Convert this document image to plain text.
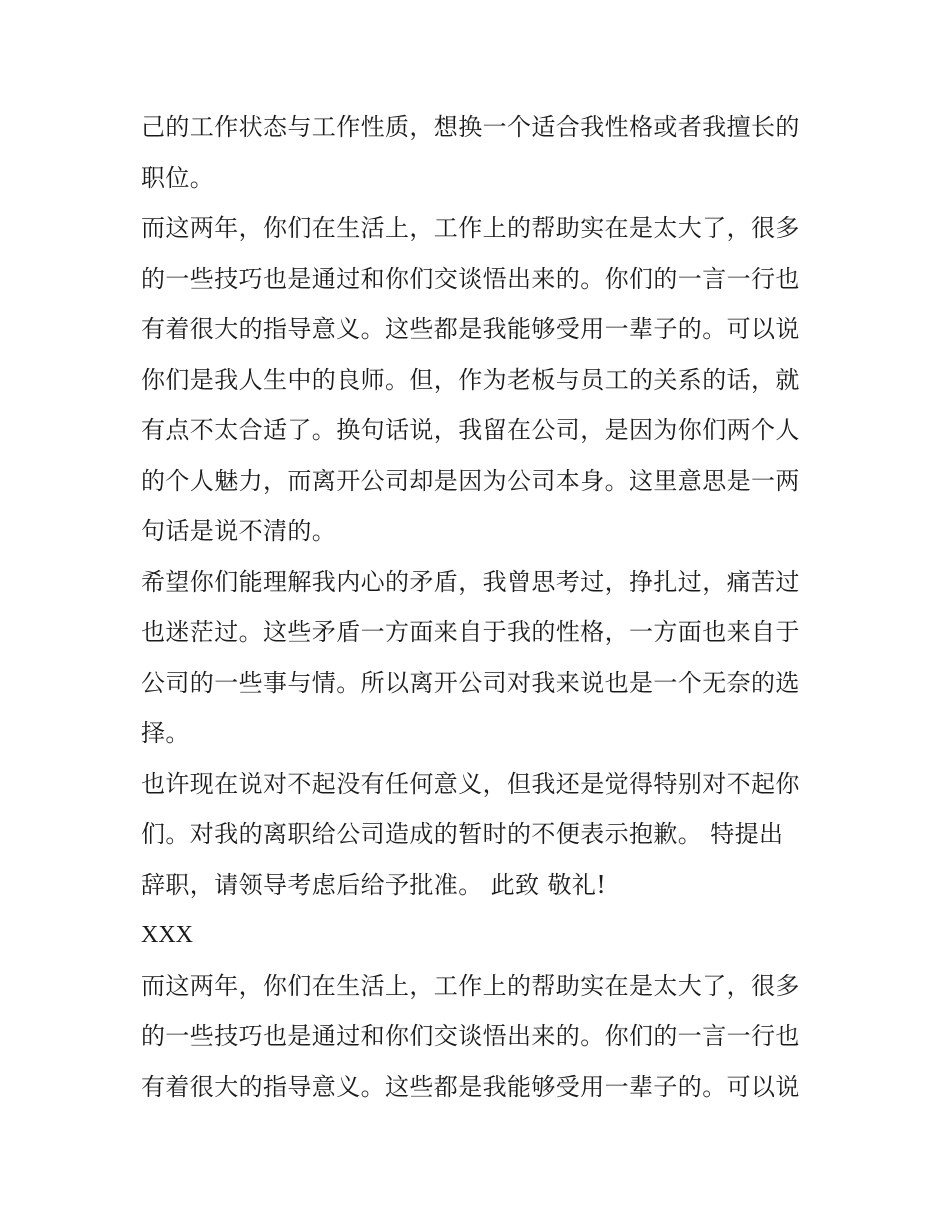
己的工作状态与工作性质，想换一个适合我性格或者我擅长的
职位。
而这两年，你们在生活上，工作上的帮助实在是太大了，很多
的一些技巧也是通过和你们交谈悟出来的。你们的一言一行也
有着很大的指导意义。这些都是我能够受用一辈子的。可以说
你们是我人生中的良师。但，作为老板与员工的关系的话，就
有点不太合适了。换句话说，我留在公司，是因为你们两个人
的个人魅力，而离开公司却是因为公司本身。这里意思是一两
句话是说不清的。
希望你们能理解我内心的矛盾，我曾思考过，挣扎过，痛苦过
也迷茫过。这些矛盾一方面来自于我的性格，一方面也来自于
公司的一些事与情。所以离开公司对我来说也是一个无奈的选
择。
也许现在说对不起没有任何意义，但我还是觉得特别对不起你
们。对我的离职给公司造成的暂时的不便表示抱歉。 特提出
辞职，请领导考虑后给予批准。 此致 敬礼!
XXX
而这两年，你们在生活上，工作上的帮助实在是太大了，很多
的一些技巧也是通过和你们交谈悟出来的。你们的一言一行也
有着很大的指导意义。这些都是我能够受用一辈子的。可以说
